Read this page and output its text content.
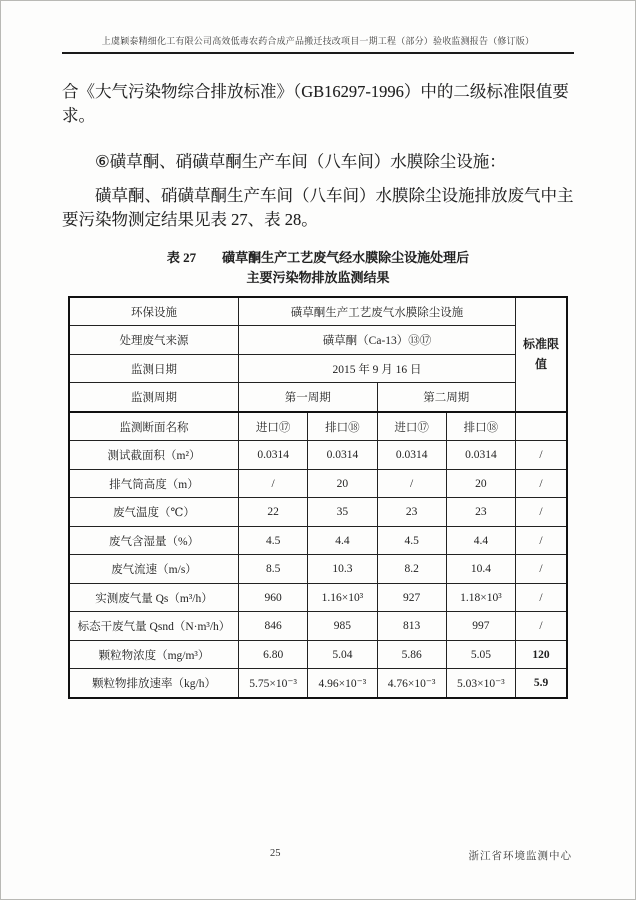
上虞颖泰精细化工有限公司高效低毒农药合成产品搬迁技改项目一期工程（部分）验收监测报告（修订版）
合《大气污染物综合排放标准》（GB16297-1996）中的二级标准限值要求。
⑥磺草酮、硝磺草酮生产车间（八车间）水膜除尘设施：
磺草酮、硝磺草酮生产车间（八车间）水膜除尘设施排放废气中主要污染物测定结果见表 27、表 28。
表 27 磺草酮生产工艺废气经水膜除尘设施处理后
主要污染物排放监测结果
环保设施	磺草酮生产工艺废气水膜除尘设施				标准限值
处理废气来源	磺草酮（Ca-13）⑬⑰				
监测日期	2015 年 9 月 16 日				
监测周期	第一周期		第二周期		
监测断面名称	进口⑰	排口⑱	进口⑰	排口⑱	
测试截面积（m²）	0.0314	0.0314	0.0314	0.0314	/
排气筒高度（m）	/	20	/	20	/
废气温度（℃）	22	35	23	23	/
废气含湿量（%）	4.5	4.4	4.5	4.4	/
废气流速（m/s）	8.5	10.3	8.2	10.4	/
实测废气量 Qs（m³/h）	960	1.16×10³	927	1.18×10³	/
标态干废气量 Qsnd（N·m³/h）	846	985	813	997	/
颗粒物浓度（mg/m³）	6.80	5.04	5.86	5.05	120
颗粒物排放速率（kg/h）	5.75×10⁻³	4.96×10⁻³	4.76×10⁻³	5.03×10⁻³	5.9
25	浙江省环境监测中心
